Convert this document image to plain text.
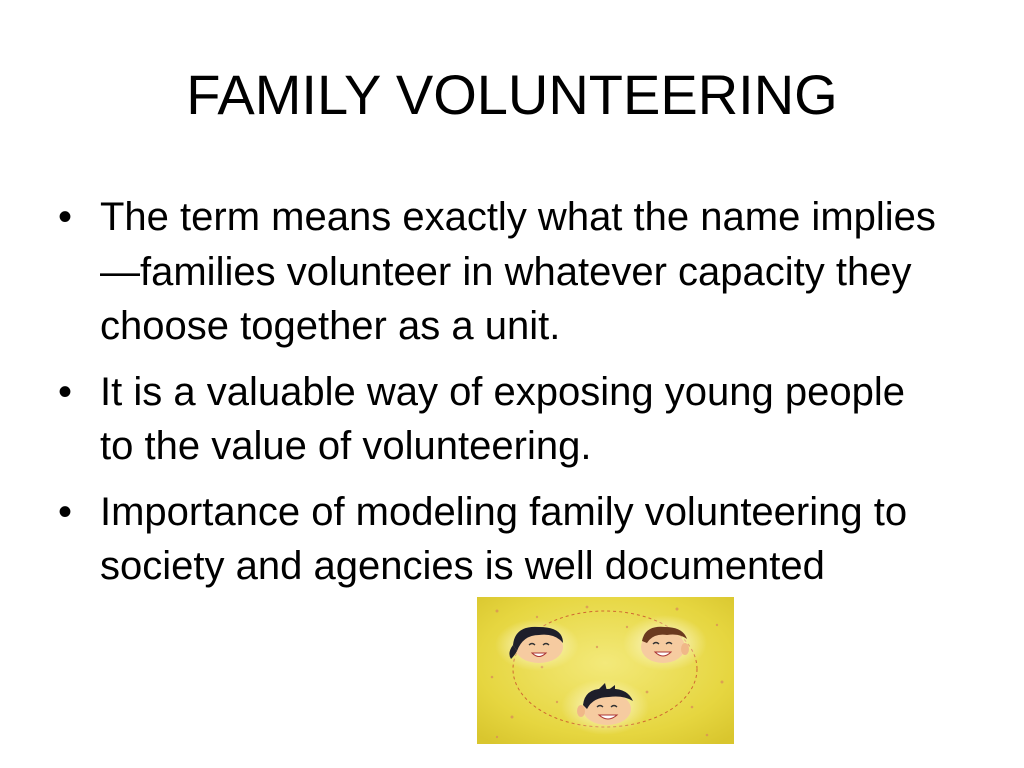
FAMILY VOLUNTEERING
• The term means exactly what the name implies—families volunteer in whatever capacity they choose together as a unit.
• It is a valuable way of exposing young people to the value of volunteering.
• Importance of modeling family volunteering to society and agencies is well documented
